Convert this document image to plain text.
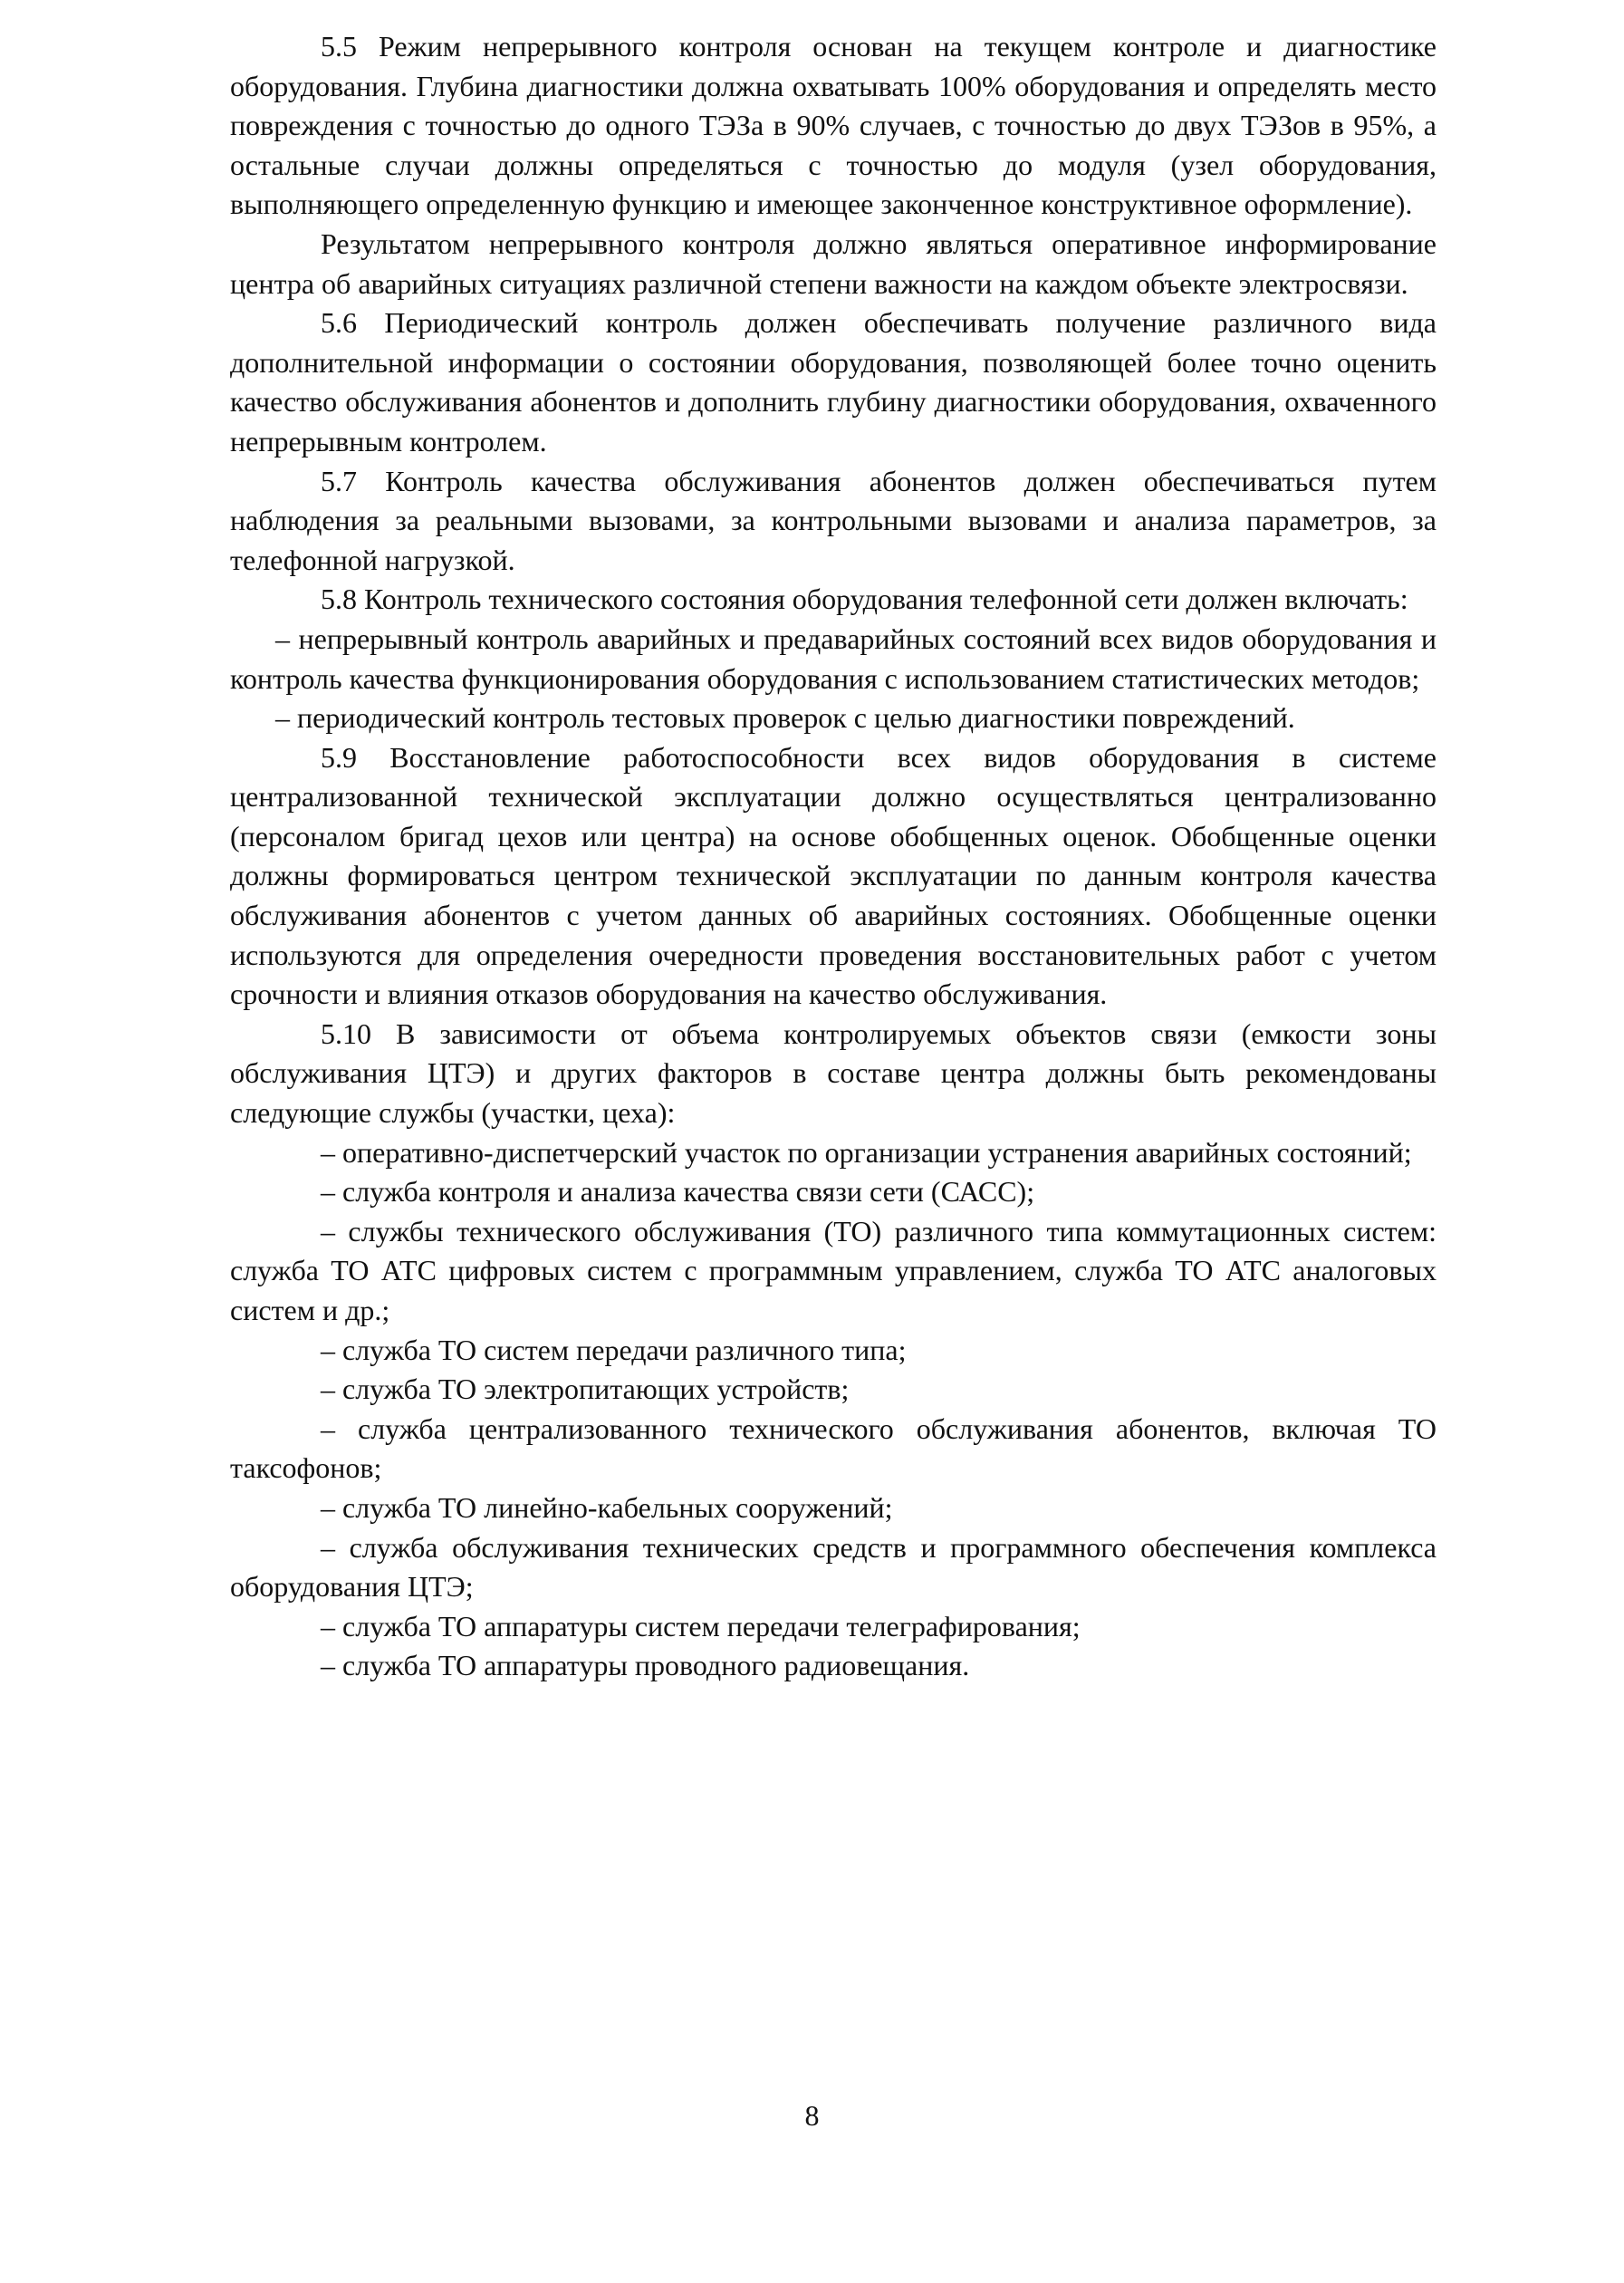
5.5 Режим непрерывного контроля основан на текущем контроле и диагностике оборудования. Глубина диагностики должна охватывать 100% оборудования и определять место повреждения с точностью до одного ТЭЗа в 90% случаев, с точностью до двух ТЭЗов в 95%, а остальные случаи должны определяться с точностью до модуля (узел оборудования, выполняющего определенную функцию и имеющее законченное конструктивное оформление).

Результатом непрерывного контроля должно являться оперативное информирование центра об аварийных ситуациях различной степени важности на каждом объекте электросвязи.

5.6 Периодический контроль должен обеспечивать получение различного вида дополнительной информации о состоянии оборудования, позволяющей более точно оценить качество обслуживания абонентов и дополнить глубину диагностики оборудования, охваченного непрерывным контролем.

5.7 Контроль качества обслуживания абонентов должен обеспечиваться путем наблюдения за реальными вызовами, за контрольными вызовами и анализа параметров, за телефонной нагрузкой.

5.8 Контроль технического состояния оборудования телефонной сети должен включать:

– непрерывный контроль аварийных и предаварийных состояний всех видов оборудования и контроль качества функционирования оборудования с использованием статистических методов;

– периодический контроль тестовых проверок с целью диагностики повреждений.

5.9 Восстановление работоспособности всех видов оборудования в системе централизованной технической эксплуатации должно осуществляться централизованно (персоналом бригад цехов или центра) на основе обобщенных оценок. Обобщенные оценки должны формироваться центром технической эксплуатации по данным контроля качества обслуживания абонентов с учетом данных об аварийных состояниях. Обобщенные оценки используются для определения очередности проведения восстановительных работ с учетом срочности и влияния отказов оборудования на качество обслуживания.

5.10 В зависимости от объема контролируемых объектов связи (емкости зоны обслуживания ЦТЭ) и других факторов в составе центра должны быть рекомендованы следующие службы (участки, цеха):

– оперативно-диспетчерский участок по организации устранения аварийных состояний;

– служба контроля и анализа качества связи сети (САСС);

– службы технического обслуживания (ТО) различного типа коммутационных систем: служба ТО АТС цифровых систем с программным управлением, служба ТО АТС аналоговых систем и др.;

– служба ТО систем передачи различного типа;

– служба ТО электропитающих устройств;

– служба централизованного технического обслуживания абонентов, включая ТО таксофонов;

– служба ТО линейно-кабельных сооружений;

– служба обслуживания технических средств и программного обеспечения комплекса оборудования ЦТЭ;

– служба ТО аппаратуры систем передачи телеграфирования;

– служба ТО аппаратуры проводного радиовещания.

8
